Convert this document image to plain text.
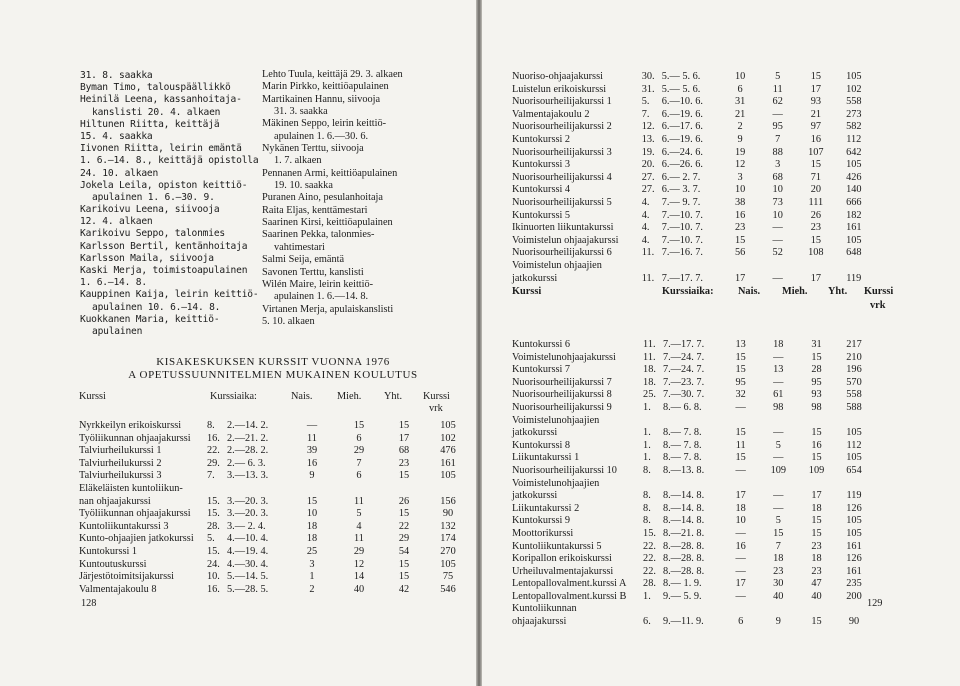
31. 8. saakka
Byman Timo, talouspäällikkö
Heinilä Leena, kassanhoitaja-
kanslisti 20. 4. alkaen
Hiltunen Riitta, keittäjä
15. 4. saakka
Iivonen Riitta, leirin emäntä
1. 6.—14. 8., keittäjä opistolla
24. 10. alkaen
Jokela Leila, opiston keittiö-
apulainen 1. 6.—30. 9.
Karikoivu Leena, siivooja
12. 4. alkaen
Karikoivu Seppo, talonmies
Karlsson Bertil, kentänhoitaja
Karlsson Maila, siivooja
Kaski Merja, toimistoapulainen
1. 6.—14. 8.
Kauppinen Kaija, leirin keittiö-
apulainen 10. 6.—14. 8.
Kuokkanen Maria, keittiö-
apulainen
Lehto Tuula, keittäjä 29. 3. alkaen
Marin Pirkko, keittiöapulainen
Martikainen Hannu, siivooja
31. 3. saakka
Mäkinen Seppo, leirin keittiö-
apulainen 1. 6.—30. 6.
Nykänen Terttu, siivooja
1. 7. alkaen
Pennanen Armi, keittiöapulainen
19. 10. saakka
Puranen Aino, pesulanhoitaja
Raita Eljas, kenttämestari
Saarinen Kirsi, keittiöapulainen
Saarinen Pekka, talonmies-
vahtimestari
Salmi Seija, emäntä
Savonen Terttu, kanslisti
Wilén Maire, leirin keittiö-
apulainen 1. 6.—14. 8.
Virtanen Merja, apulaiskanslisti
5. 10. alkaen
KISAKESKUKSEN KURSSIT VUONNA 1976
A OPETUSSUUNNITELMIEN MUKAINEN KOULUTUS
Kurssi	Kurssiaika:	Nais. Mieh. Yht. Kurssi
vrk
Nyrkkeilyn erikoiskurssi	8.	2.—14. 2.	—	15	15	105
Työliikunnan ohjaajakurssi	16.	2.—21. 2.	11	6	17	102
Talviurheilukurssi 1	22.	2.—28. 2.	39	29	68	476
Talviurheilukurssi 2	29.	2.— 6. 3.	16	7	23	161
Talviurheilukurssi 3	7.	3.—13. 3.	9	6	15	105
Eläkeläisten kuntoliikun-						
nan ohjaajakurssi	15.	3.—20. 3.	15	11	26	156
Työliikunnan ohjaajakurssi	15.	3.—20. 3.	10	5	15	90
Kuntoliikuntakurssi 3	28.	3.— 2. 4.	18	4	22	132
Kunto-ohjaajien jatkokurssi	5.	4.—10. 4.	18	11	29	174
Kuntokurssi 1	15.	4.—19. 4.	25	29	54	270
Kuntoutuskurssi	24.	4.—30. 4.	3	12	15	105
Järjestötoimitsijakurssi	10.	5.—14. 5.	1	14	15	75
Valmentajakoulu 8	16.	5.—28. 5.	2	40	42	546
128
Kurssi	Kurssiaika: Nais. Mieh. Yht. Kurssi
vrk
Nuoriso-ohjaajakurssi	30.	5.— 5. 6.	10	5	15	105
Luistelun erikoiskurssi	31.	5.— 5. 6.	6	11	17	102
Nuorisourheilijakurssi 1	5.	6.—10. 6.	31	62	93	558
Valmentajakoulu 2	7.	6.—19. 6.	21	—	21	273
Nuorisourheilijakurssi 2	12.	6.—17. 6.	2	95	97	582
Kuntokurssi 2	13.	6.—19. 6.	9	7	16	112
Nuorisourheilijakurssi 3	19.	6.—24. 6.	19	88	107	642
Kuntokurssi 3	20.	6.—26. 6.	12	3	15	105
Nuorisourheilijakurssi 4	27.	6.— 2. 7.	3	68	71	426
Kuntokurssi 4	27.	6.— 3. 7.	10	10	20	140
Nuorisourheilijakurssi 5	4.	7.— 9. 7.	38	73	111	666
Kuntokurssi 5	4.	7.—10. 7.	16	10	26	182
Ikinuorten liikuntakurssi	4.	7.—10. 7.	23	—	23	161
Voimistelun ohjaajakurssi	4.	7.—10. 7.	15	—	15	105
Nuorisourheilijakurssi 6	11.	7.—16. 7.	56	52	108	648
Voimistelun ohjaajien						
jatkokurssi	11.	7.—17. 7.	17	—	17	119
Kuntokurssi 6	11.	7.—17. 7.	13	18	31	217
Voimistelunohjaajakurssi	11.	7.—24. 7.	15	—	15	210
Kuntokurssi 7	18.	7.—24. 7.	15	13	28	196
Nuorisourheilijakurssi 7	18.	7.—23. 7.	95	—	95	570
Nuorisourheilijakurssi 8	25.	7.—30. 7.	32	61	93	558
Nuorisourheilijakurssi 9	1.	8.— 6. 8.	—	98	98	588
Voimistelunohjaajien						
jatkokurssi	1.	8.— 7. 8.	15	—	15	105
Kuntokurssi 8	1.	8.— 7. 8.	11	5	16	112
Liikuntakurssi 1	1.	8.— 7. 8.	15	—	15	105
Nuorisourheilijakurssi 10	8.	8.—13. 8.	—	109	109	654
Voimistelunohjaajien						
jatkokurssi	8.	8.—14. 8.	17	—	17	119
Liikuntakurssi 2	8.	8.—14. 8.	18	—	18	126
Kuntokurssi 9	8.	8.—14. 8.	10	5	15	105
Moottorikurssi	15.	8.—21. 8.	—	15	15	105
Kuntoliikuntakurssi 5	22.	8.—28. 8.	16	7	23	161
Koripallon erikoiskurssi	22.	8.—28. 8.	—	18	18	126
Urheiluvalmentajakurssi	22.	8.—28. 8.	—	23	23	161
Lentopallovalment.kurssi A	28.	8.— 1. 9.	17	30	47	235
Lentopallovalment.kurssi B	1.	9.— 5. 9.	—	40	40	200
Kuntoliikunnan						
ohjaajakurssi	6.	9.—11. 9.	6	9	15	90
129
